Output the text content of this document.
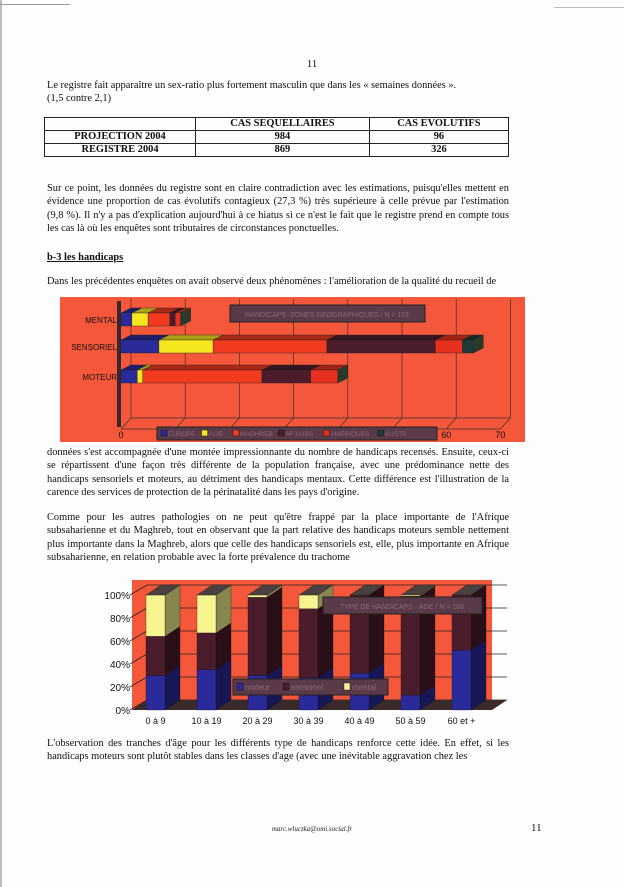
11

Le registre fait apparaître un sex-ratio plus fortement masculin que dans les « semaines données ».

(1,5 contre 2,1)

	CAS SEQUELLAIRES	CAS EVOLUTIFS
PROJECTION 2004	984	96
REGISTRE 2004	869	326

Sur ce point, les données du registre sont en claire contradiction avec les estimations, puisqu'elles mettent en évidence une proportion de cas évolutifs contagieux (27,3 %) très supérieure à celle prévue par l'estimation (9,8 %). Il n'y a pas d'explication aujourd'hui à ce hiatus si ce n'est le fait que le registre prend en compte tous les cas là où les enquêtes sont tributaires de circonstances ponctuelles.

b-3 les handicaps

Dans les précédentes enquêtes on avait observé deux phénomènes : l'amélioration de la qualité du recueil de

MENTAL
SENSORIEL
MOTEUR
HANDICAPS -ZONES GEOGRAPHIQUES / N = 118
0	60	70
EUROPE ASIE	MAGHREB AF SUBS	AMERIQUES AUSTR

données s'est accompagnée d'une montée impressionnante du nombre de handicaps recensés. Ensuite, ceux-ci se répartissent d'une façon très différente de la population française, avec une prédominance nette des handicaps sensoriels et moteurs, au détriment des handicaps mentaux. Cette différence est l'illustration de la carence des services de protection de la périnatalité dans les pays d'origine.

Comme pour les autres pathologies on ne peut qu'être frappé par la place importante de l'Afrique subsaharienne et du Maghreb, tout en observant que la part relative des handicaps moteurs semble nettement plus importante dans la Maghreb, alors que celle des handicaps sensoriels est, elle, plus importante en Afrique subsaharienne, en relation probable avec la forte prévalence du trachome

0%
20%
40%
60%
80%
100%
0 à 9	10 à 19 20 à 29 30 à 39 40 à 49 50 à 59 60 et +
TYPE DE HANDICAPS - AGE / N = 168
moteur	sensoriel	mental

L'observation des tranches d'âge pour les différents type de handicaps renforce cette idée. En effet, si les handicaps moteurs sont plutôt stables dans les classes d'age (avec une inévitable aggravation chez les

marc.wluczka@omi.social.fr	11
